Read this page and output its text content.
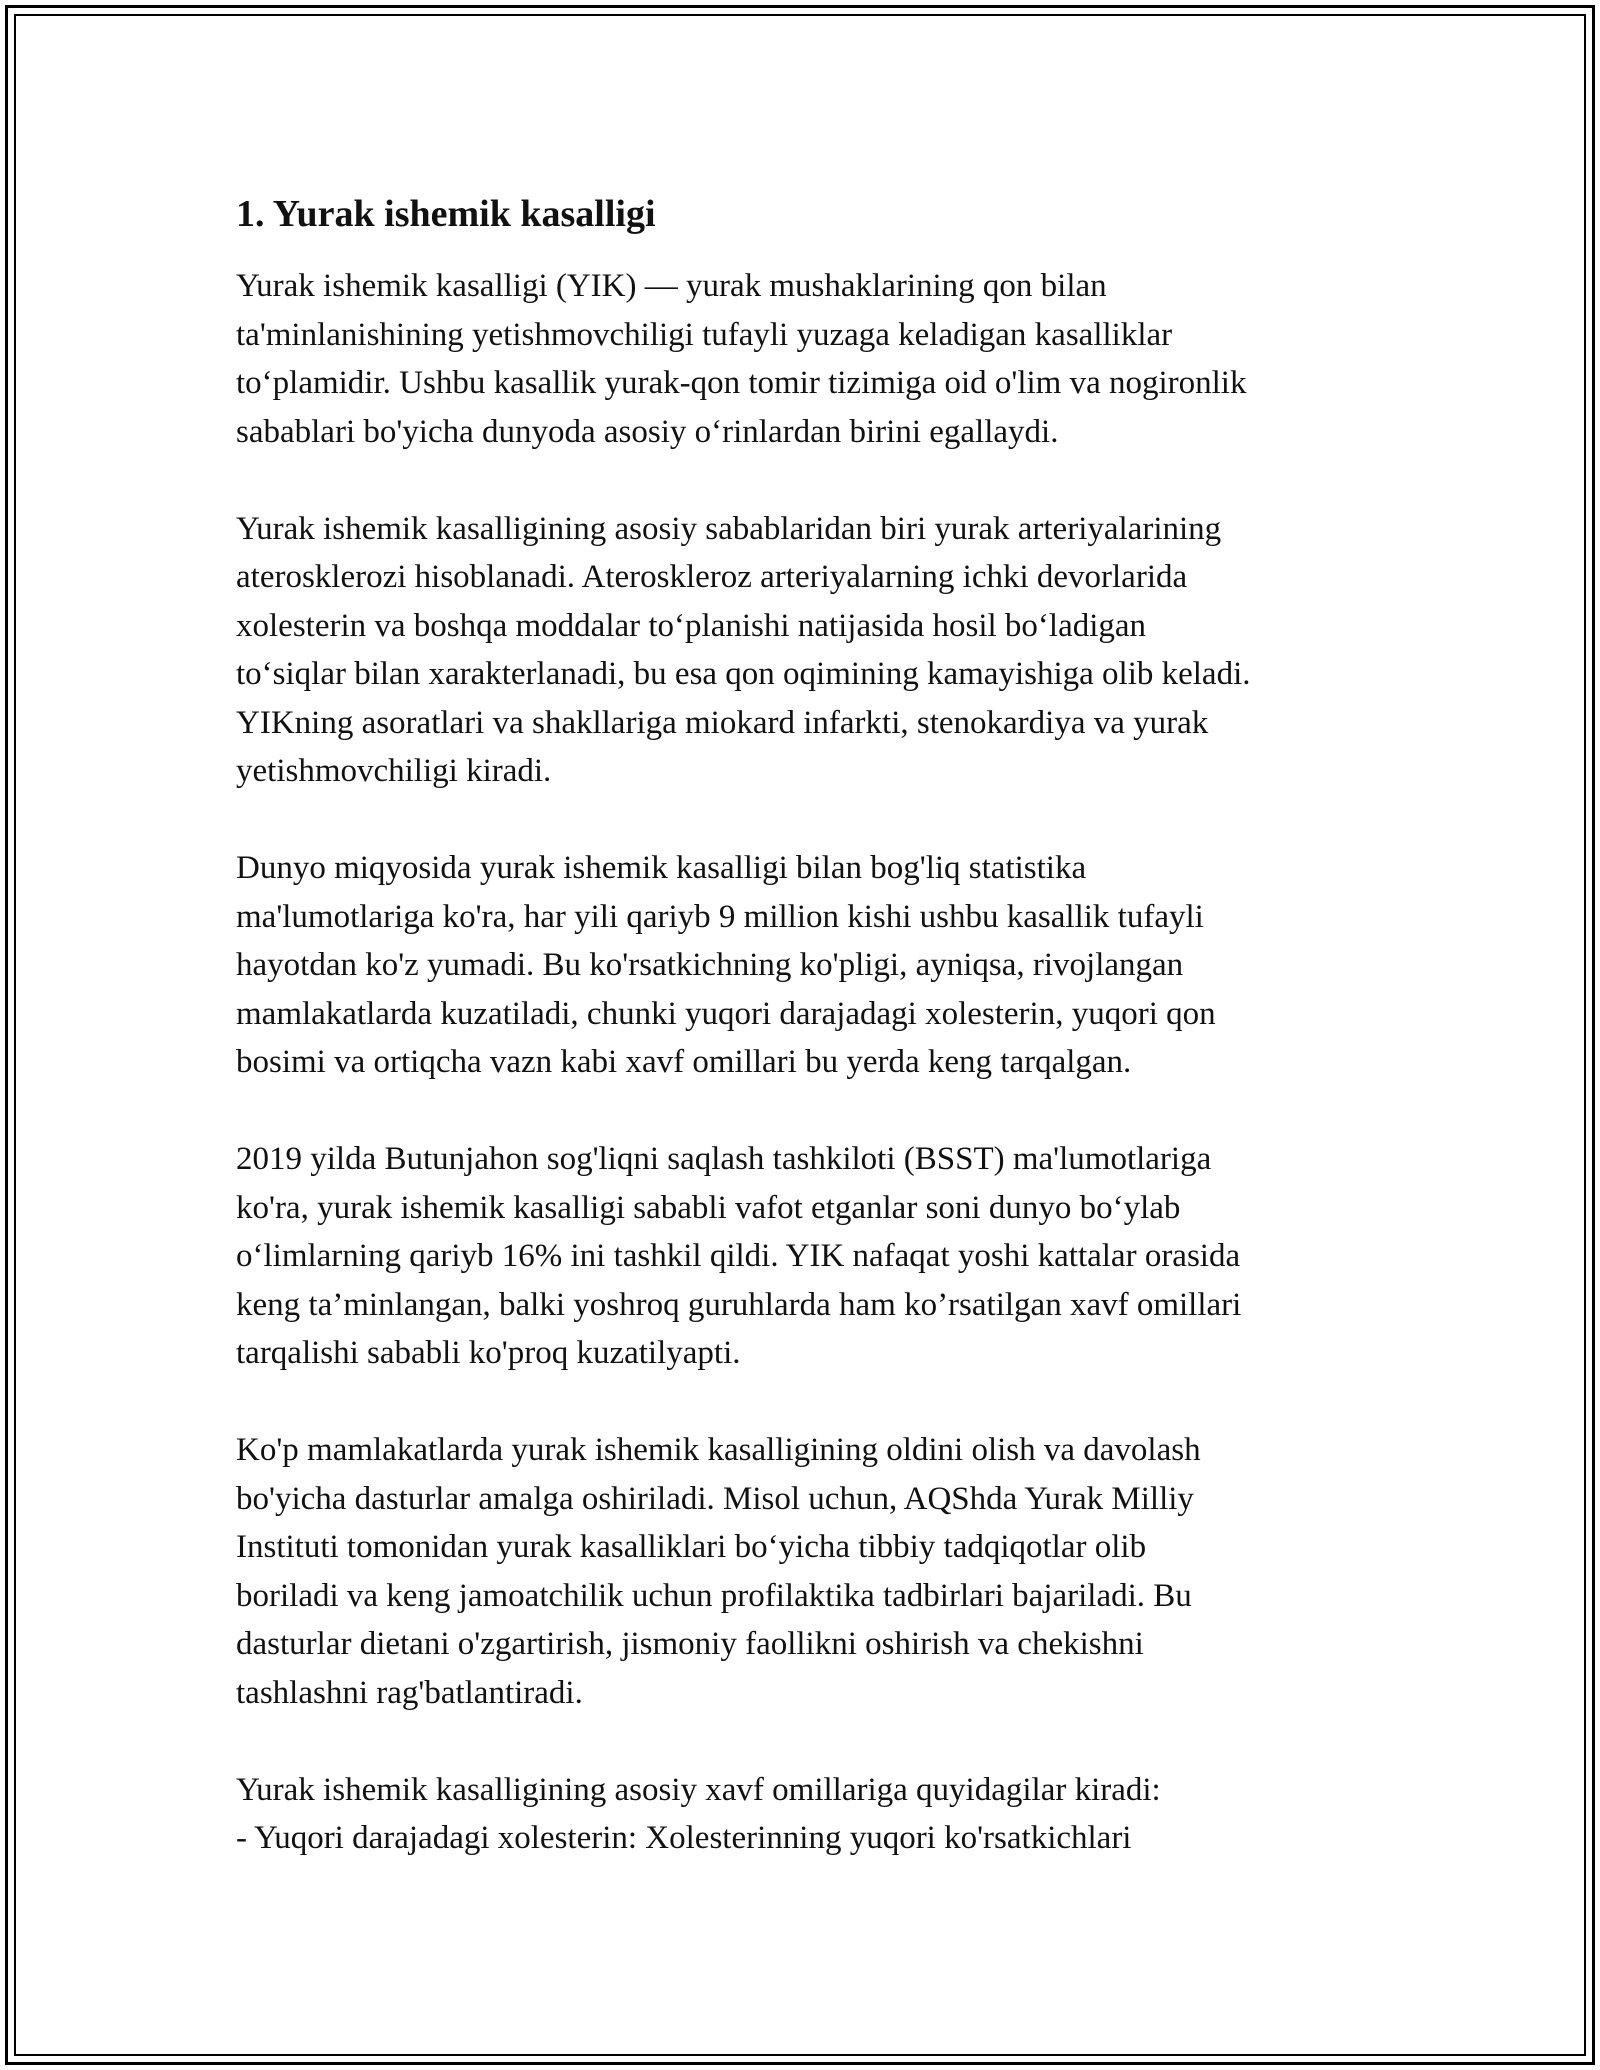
1. Yurak ishemik kasalligi
Yurak ishemik kasalligi (YIK) — yurak mushaklarining qon bilan
ta'minlanishining yetishmovchiligi tufayli yuzaga keladigan kasalliklar
to‘plamidir. Ushbu kasallik yurak-qon tomir tizimiga oid o'lim va nogironlik
sabablari bo'yicha dunyoda asosiy o‘rinlardan birini egallaydi.
Yurak ishemik kasalligining asosiy sabablaridan biri yurak arteriyalarining
aterosklerozi hisoblanadi. Ateroskleroz arteriyalarning ichki devorlarida
xolesterin va boshqa moddalar to‘planishi natijasida hosil bo‘ladigan
to‘siqlar bilan xarakterlanadi, bu esa qon oqimining kamayishiga olib keladi.
YIKning asoratlari va shakllariga miokard infarkti, stenokardiya va yurak
yetishmovchiligi kiradi.
Dunyo miqyosida yurak ishemik kasalligi bilan bog'liq statistika
ma'lumotlariga ko'ra, har yili qariyb 9 million kishi ushbu kasallik tufayli
hayotdan ko'z yumadi. Bu ko'rsatkichning ko'pligi, ayniqsa, rivojlangan
mamlakatlarda kuzatiladi, chunki yuqori darajadagi xolesterin, yuqori qon
bosimi va ortiqcha vazn kabi xavf omillari bu yerda keng tarqalgan.
2019 yilda Butunjahon sog'liqni saqlash tashkiloti (BSST) ma'lumotlariga
ko'ra, yurak ishemik kasalligi sababli vafot etganlar soni dunyo bo‘ylab
o‘limlarning qariyb 16% ini tashkil qildi. YIK nafaqat yoshi kattalar orasida
keng ta’minlangan, balki yoshroq guruhlarda ham ko’rsatilgan xavf omillari
tarqalishi sababli ko'proq kuzatilyapti.
Ko'p mamlakatlarda yurak ishemik kasalligining oldini olish va davolash
bo'yicha dasturlar amalga oshiriladi. Misol uchun, AQShda Yurak Milliy
Instituti tomonidan yurak kasalliklari bo‘yicha tibbiy tadqiqotlar olib
boriladi va keng jamoatchilik uchun profilaktika tadbirlari bajariladi. Bu
dasturlar dietani o'zgartirish, jismoniy faollikni oshirish va chekishni
tashlashni rag'batlantiradi.
Yurak ishemik kasalligining asosiy xavf omillariga quyidagilar kiradi:
- Yuqori darajadagi xolesterin: Xolesterinning yuqori ko'rsatkichlari
